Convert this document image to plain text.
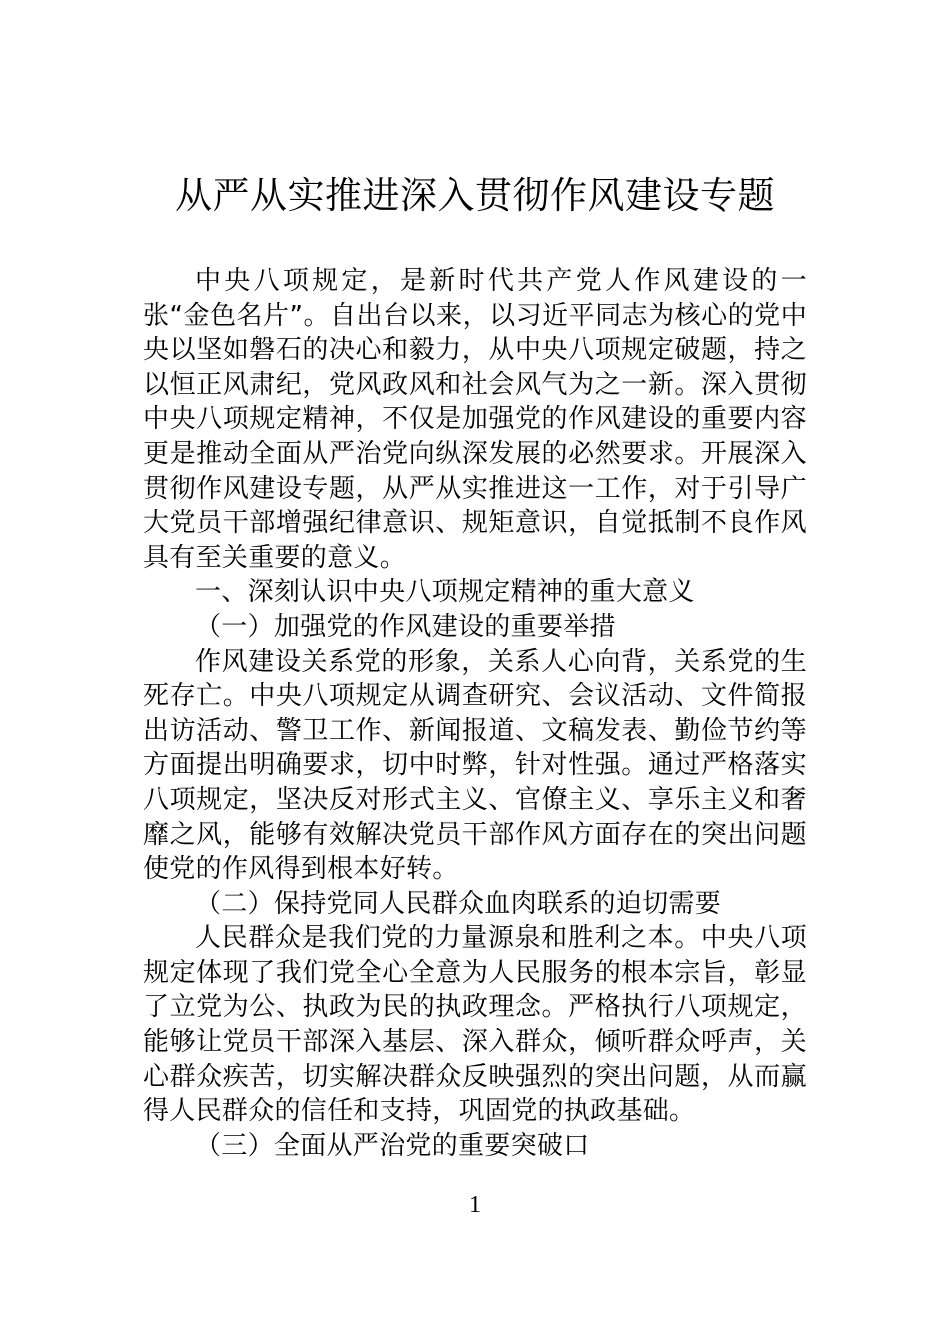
从严从实推进深入贯彻作风建设专题

中央八项规定，是新时代共产党人作风建设的一张“金色名片”。自出台以来，以习近平同志为核心的党中央以坚如磐石的决心和毅力，从中央八项规定破题，持之以恒正风肃纪，党风政风和社会风气为之一新。深入贯彻中央八项规定精神，不仅是加强党的作风建设的重要内容更是推动全面从严治党向纵深发展的必然要求。开展深入贯彻作风建设专题，从严从实推进这一工作，对于引导广大党员干部增强纪律意识、规矩意识，自觉抵制不良作风具有至关重要的意义。

一、深刻认识中央八项规定精神的重大意义

（一）加强党的作风建设的重要举措

作风建设关系党的形象，关系人心向背，关系党的生死存亡。中央八项规定从调查研究、会议活动、文件简报出访活动、警卫工作、新闻报道、文稿发表、勤俭节约等方面提出明确要求，切中时弊，针对性强。通过严格落实八项规定，坚决反对形式主义、官僚主义、享乐主义和奢靡之风，能够有效解决党员干部作风方面存在的突出问题使党的作风得到根本好转。

（二）保持党同人民群众血肉联系的迫切需要

人民群众是我们党的力量源泉和胜利之本。中央八项规定体现了我们党全心全意为人民服务的根本宗旨，彰显了立党为公、执政为民的执政理念。严格执行八项规定，能够让党员干部深入基层、深入群众，倾听群众呼声，关心群众疾苦，切实解决群众反映强烈的突出问题，从而赢得人民群众的信任和支持，巩固党的执政基础。

（三）全面从严治党的重要突破口

1
